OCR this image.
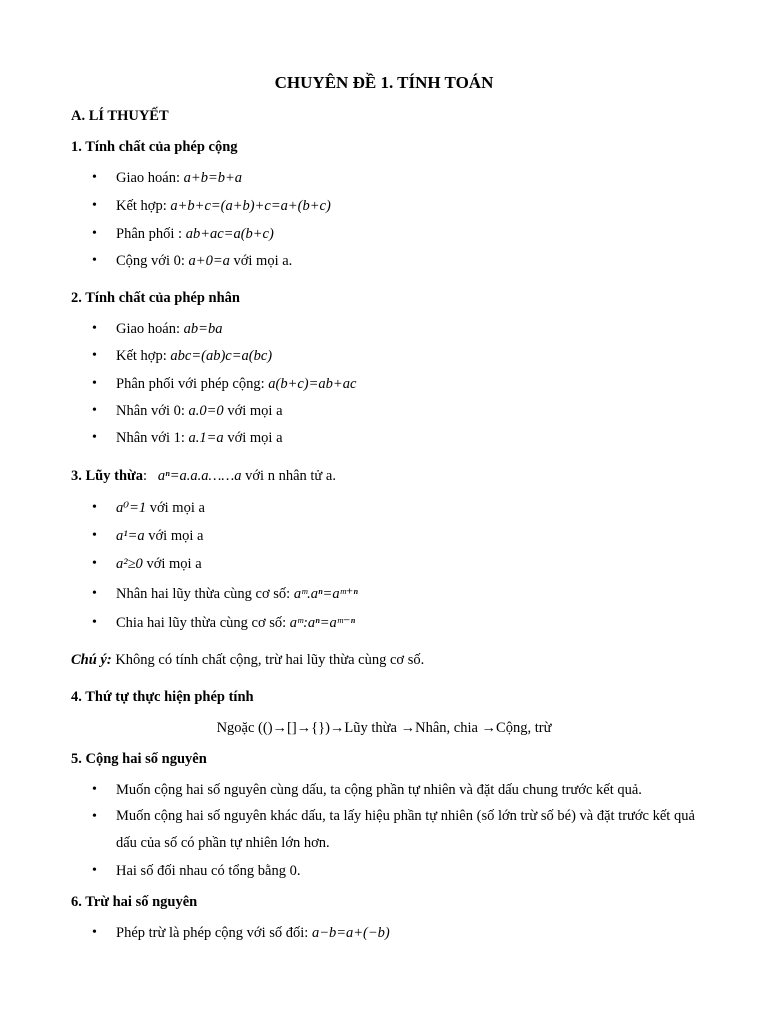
CHUYÊN ĐỀ 1. TÍNH TOÁN
A. LÍ THUYẾT
1. Tính chất của phép cộng
• Giao hoán: a+b=b+a
• Kết hợp: a+b+c=(a+b)+c=a+(b+c)
• Phân phối : ab+ac=a(b+c)
• Cộng với 0: a+0=a với mọi a.
2. Tính chất của phép nhân
• Giao hoán: ab=ba
• Kết hợp: abc=(ab)c=a(bc)
• Phân phối với phép cộng: a(b+c)=ab+ac
• Nhân với 0: a.0=0 với mọi a
• Nhân với 1: a.1=a với mọi a
3. Lũy thừa: aⁿ=a.a.a……a với n nhân tử a.
• a⁰=1 với mọi a
• a¹=a với mọi a
• a²≥0 với mọi a
• Nhân hai lũy thừa cùng cơ số: aᵐ.aⁿ=aᵐ⁺ⁿ
• Chia hai lũy thừa cùng cơ số: aᵐ:aⁿ=aᵐ⁻ⁿ
Chú ý: Không có tính chất cộng, trừ hai lũy thừa cùng cơ số.
4. Thứ tự thực hiện phép tính
Ngoặc (()→[]→{})→Lũy thừa →Nhân, chia →Cộng, trừ
5. Cộng hai số nguyên
• Muốn cộng hai số nguyên cùng dấu, ta cộng phần tự nhiên và đặt dấu chung trước kết quả.
• Muốn cộng hai số nguyên khác dấu, ta lấy hiệu phần tự nhiên (số lớn trừ số bé) và đặt trước kết quả dấu của số có phần tự nhiên lớn hơn.
• Hai số đối nhau có tổng bằng 0.
6. Trừ hai số nguyên
• Phép trừ là phép cộng với số đối: a−b=a+(−b)
